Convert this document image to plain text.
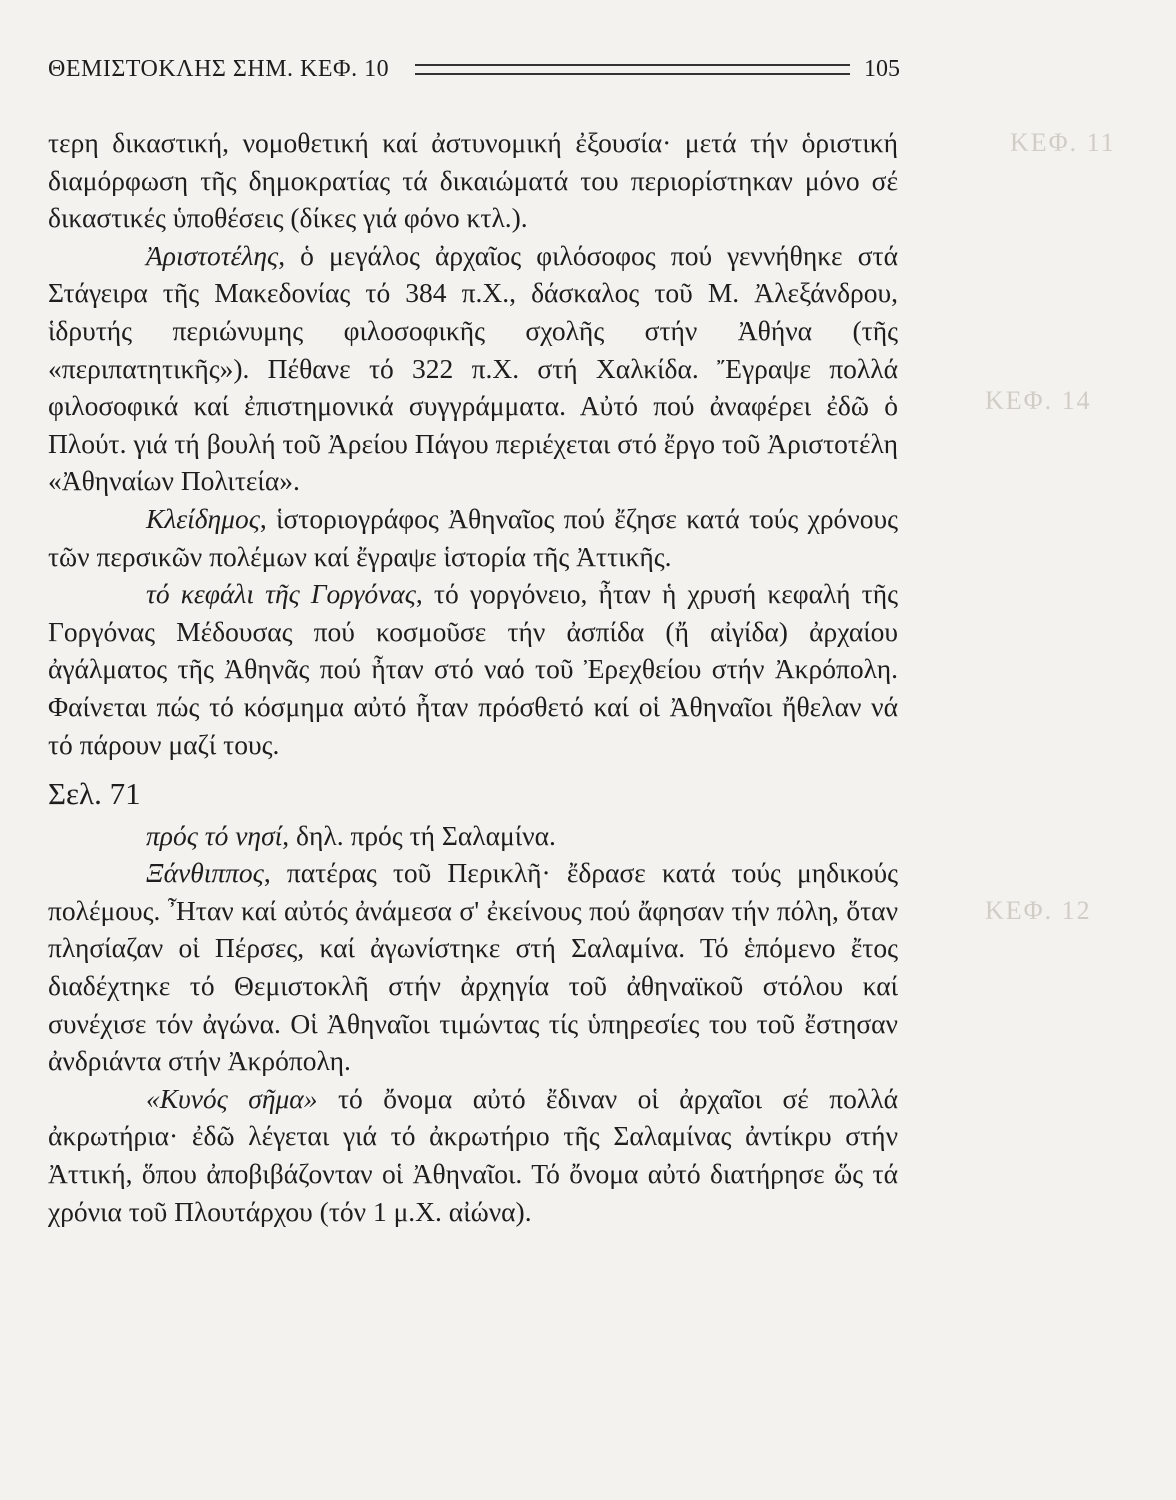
ΚΕΦ. 11
ΚΕΦ. 14
ΚΕΦ. 12
ΘΕΜΙΣΤΟΚΛΗΣ ΣΗΜ. ΚΕΦ. 10	105

τερη δικαστική, νομοθετική καί ἀστυνομική ἐξουσία· μετά τήν ὁριστική διαμόρφωση τῆς δημοκρατίας τά δικαιώματά του περιορίστηκαν μόνο σέ δικαστικές ὑποθέσεις (δίκες γιά φόνο κτλ.).

Ἀριστοτέλης, ὁ μεγάλος ἀρχαῖος φιλόσοφος πού γεννήθηκε στά Στάγειρα τῆς Μακεδονίας τό 384 π.Χ., δάσκαλος τοῦ Μ. Ἀλεξάνδρου, ἱδρυτής περιώνυμης φιλοσοφικῆς σχολῆς στήν Ἀθήνα (τῆς «περιπατητικῆς»). Πέθανε τό 322 π.Χ. στή Χαλκίδα. Ἔγραψε πολλά φιλοσοφικά καί ἐπιστημονικά συγγράμματα. Αὐτό πού ἀναφέρει ἐδῶ ὁ Πλούτ. γιά τή βουλή τοῦ Ἀρείου Πάγου περιέχεται στό ἔργο τοῦ Ἀριστοτέλη «Ἀθηναίων Πολιτεία».

Κλείδημος, ἱστοριογράφος Ἀθηναῖος πού ἔζησε κατά τούς χρόνους τῶν περσικῶν πολέμων καί ἔγραψε ἱστορία τῆς Ἀττικῆς.

τό κεφάλι τῆς Γοργόνας, τό γοργόνειο, ἦταν ἡ χρυσή κεφαλή τῆς Γοργόνας Μέδουσας πού κοσμοῦσε τήν ἀσπίδα (ἤ αἰγίδα) ἀρχαίου ἀγάλματος τῆς Ἀθηνᾶς πού ἦταν στό ναό τοῦ Ἐρεχθείου στήν Ἀκρόπολη. Φαίνεται πώς τό κόσμημα αὐτό ἦταν πρόσθετό καί οἱ Ἀθηναῖοι ἤθελαν νά τό πάρουν μαζί τους.

Σελ. 71

πρός τό νησί, δηλ. πρός τή Σαλαμίνα.

Ξάνθιππος, πατέρας τοῦ Περικλῆ· ἔδρασε κατά τούς μηδικούς πολέμους. Ἦταν καί αὐτός ἀνάμεσα σ' ἐκείνους πού ἄφησαν τήν πόλη, ὅταν πλησίαζαν οἱ Πέρσες, καί ἀγωνίστηκε στή Σαλαμίνα. Τό ἑπόμενο ἔτος διαδέχτηκε τό Θεμιστοκλῆ στήν ἀρχηγία τοῦ ἀθηναϊκοῦ στόλου καί συνέχισε τόν ἀγώνα. Οἱ Ἀθηναῖοι τιμώντας τίς ὑπηρεσίες του τοῦ ἔστησαν ἀνδριάντα στήν Ἀκρόπολη.

«Κυνός σῆμα» τό ὄνομα αὐτό ἔδιναν οἱ ἀρχαῖοι σέ πολλά ἀκρωτήρια· ἐδῶ λέγεται γιά τό ἀκρωτήριο τῆς Σαλαμίνας ἀντίκρυ στήν Ἀττική, ὅπου ἀποβιβάζονταν οἱ Ἀθηναῖοι. Τό ὄνομα αὐτό διατήρησε ὥς τά χρόνια τοῦ Πλουτάρχου (τόν 1 μ.Χ. αἰώνα).
